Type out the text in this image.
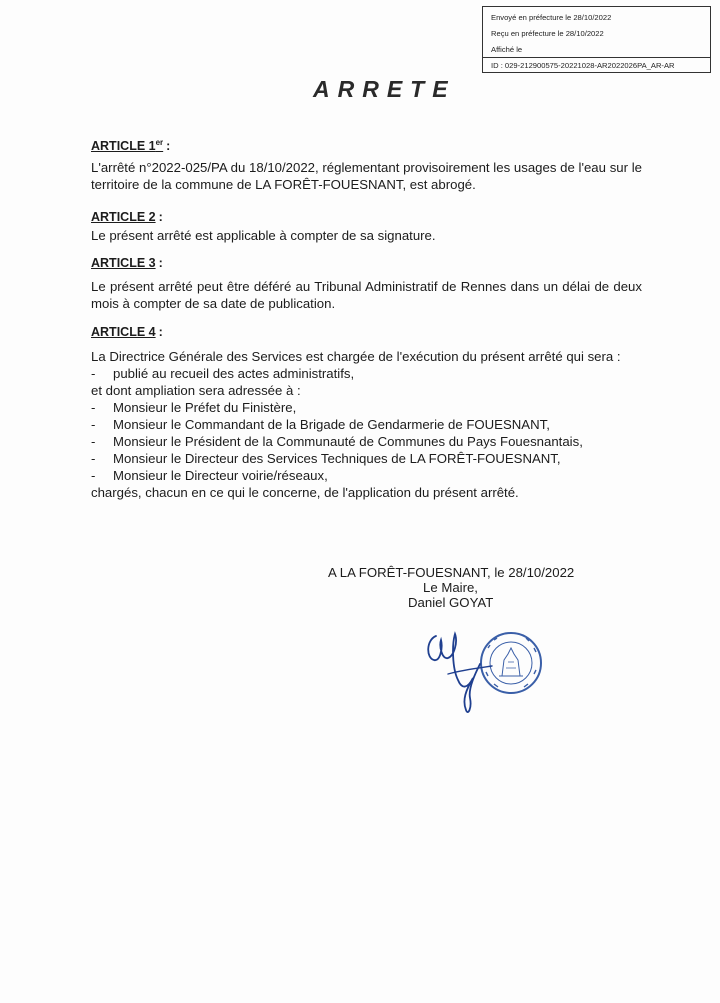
Envoyé en préfecture le 28/10/2022
Reçu en préfecture le 28/10/2022
Affiché le
ID : 029-212900575-20221028-AR2022026PA_AR-AR
ARRETE
ARTICLE 1er :
L'arrêté n°2022-025/PA du 18/10/2022, réglementant provisoirement les usages de l'eau sur le territoire de la commune de LA FORÊT-FOUESNANT, est abrogé.
ARTICLE 2 :
Le présent arrêté est applicable à compter de sa signature.
ARTICLE 3 :
Le présent arrêté peut être déféré au Tribunal Administratif de Rennes dans un délai de deux mois à compter de sa date de publication.
ARTICLE 4 :
La Directrice Générale des Services est chargée de l'exécution du présent arrêté qui sera :
- publié au recueil des actes administratifs,
et dont ampliation sera adressée à :
- Monsieur le Préfet du Finistère,
- Monsieur le Commandant de la Brigade de Gendarmerie de FOUESNANT,
- Monsieur le Président de la Communauté de Communes du Pays Fouesnantais,
- Monsieur le Directeur des Services Techniques de LA FORÊT-FOUESNANT,
- Monsieur le Directeur voirie/réseaux,
chargés, chacun en ce qui le concerne, de l'application du présent arrêté.
A LA FORÊT-FOUESNANT, le 28/10/2022
Le Maire,
Daniel GOYAT
